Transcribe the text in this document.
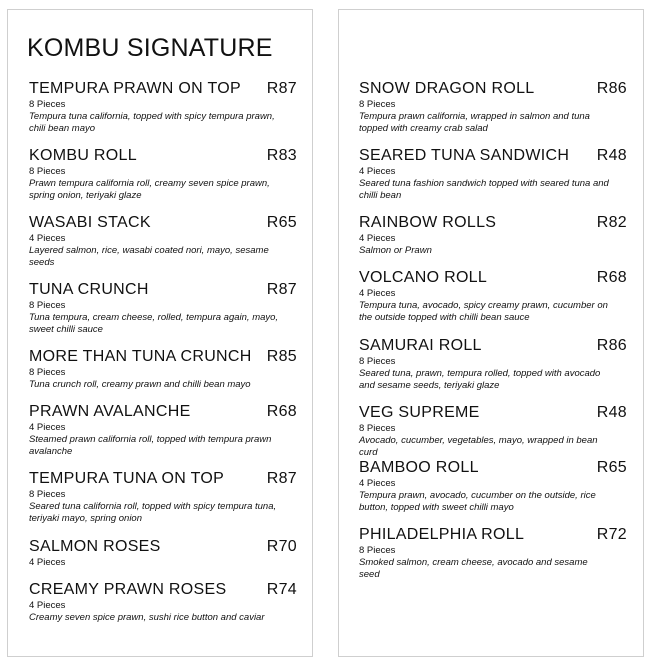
KOMBU SIGNATURE
TEMPURA PRAWN ON TOP R87
8 Pieces
Tempura tuna california, topped with spicy tempura prawn, chili bean mayo
KOMBU ROLL	R83
8 Pieces
Prawn tempura california roll, creamy seven spice prawn, spring onion, teriyaki glaze
WASABI STACK	R65
4 Pieces
Layered salmon, rice, wasabi coated nori, mayo, sesame seeds
TUNA CRUNCH	R87
8 Pieces
Tuna tempura, cream cheese, rolled, tempura again, mayo, sweet chilli sauce
MORE THAN TUNA CRUNCH R85
8 Pieces
Tuna crunch roll, creamy prawn and chilli bean mayo
PRAWN AVALANCHE	R68
4 Pieces
Steamed prawn california roll, topped with tempura prawn avalanche
TEMPURA TUNA ON TOP	R87
8 Pieces
Seared tuna california roll, topped with spicy tempura tuna, teriyaki mayo, spring onion
SALMON ROSES	R70
4 Pieces
CREAMY PRAWN ROSES	R74
4 Pieces
Creamy seven spice prawn, sushi rice button and caviar
SNOW DRAGON ROLL	R86
8 Pieces
Tempura prawn california, wrapped in salmon and tuna topped with creamy crab salad
SEARED TUNA SANDWICH R48
4 Pieces
Seared tuna fashion sandwich topped with seared tuna and chilli bean
RAINBOW ROLLS	R82
4 Pieces
Salmon or Prawn
VOLCANO ROLL	R68
4 Pieces
Tempura tuna, avocado, spicy creamy prawn, cucumber on the outside topped with chilli bean sauce
SAMURAI ROLL	R86
8 Pieces
Seared tuna, prawn, tempura rolled, topped with avocado and sesame seeds, teriyaki glaze
VEG SUPREME	R48
8 Pieces
Avocado, cucumber, vegetables, mayo, wrapped in bean curd
BAMBOO ROLL	R65
4 Pieces
Tempura prawn, avocado, cucumber on the outside, rice button, topped with sweet chilli mayo
PHILADELPHIA ROLL	R72
8 Pieces
Smoked salmon, cream cheese, avocado and sesame seed
